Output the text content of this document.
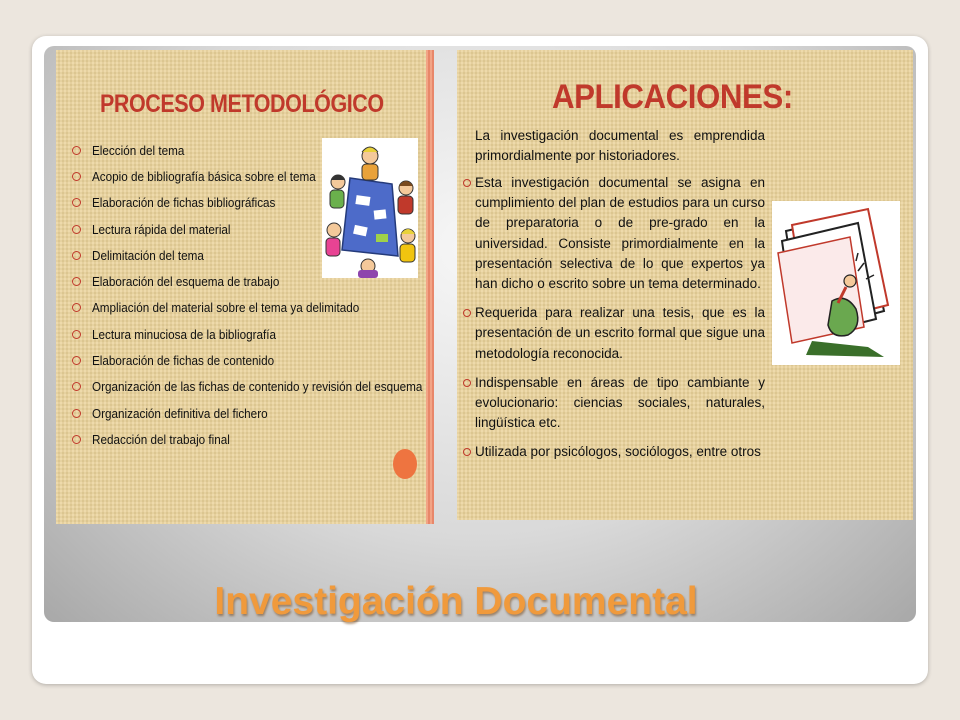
PROCESO METODOLÓGICO
Elección del tema
Acopio de bibliografía básica sobre el tema
Elaboración de fichas bibliográficas
Lectura rápida del material
Delimitación del tema
Elaboración del esquema de trabajo
Ampliación del material sobre el tema ya delimitado
Lectura minuciosa de la bibliografía
Elaboración de fichas de contenido
Organización de las fichas de contenido y revisión del esquema
Organización definitiva del fichero
Redacción del trabajo final
APLICACIONES:

La investigación documental es emprendida primordialmente por historiadores.

Esta investigación documental se asigna en cumplimiento del plan de estudios para un curso de preparatoria o de pre-grado en la universidad. Consiste primordialmente en la presentación selectiva de lo que expertos ya han dicho o escrito sobre un tema determinado.
Requerida para realizar una tesis, que es la presentación de un escrito formal que sigue una metodología reconocida.
Indispensable en áreas de tipo cambiante y evolucionario: ciencias sociales, naturales, lingüística etc.
Utilizada por psicólogos, sociólogos, entre otros
Investigación Documental
